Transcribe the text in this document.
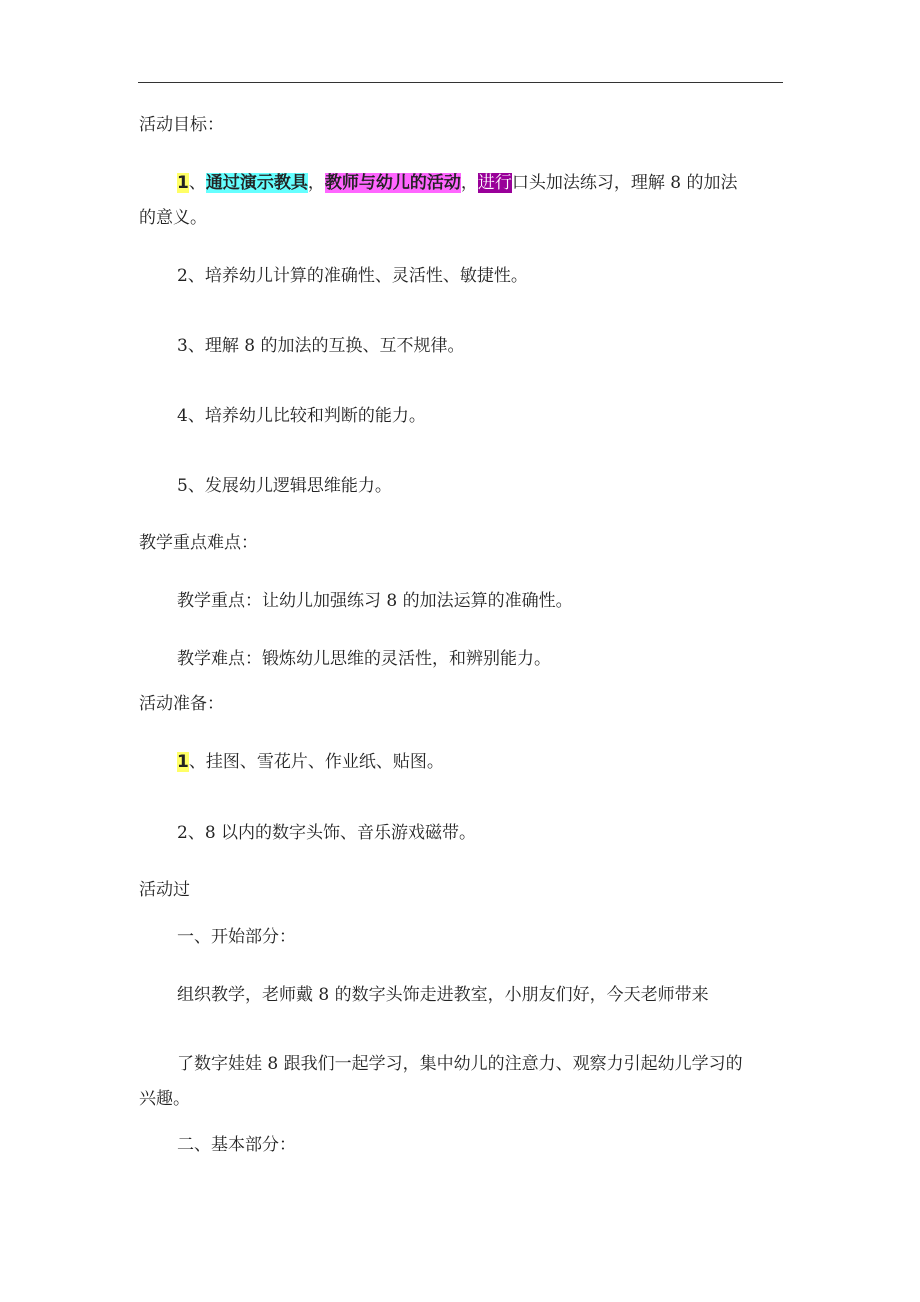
活动目标：
1、通过演示教具，教师与幼儿的活动，进行口头加法练习，理解 8 的加法
的意义。
2、培养幼儿计算的准确性、灵活性、敏捷性。
3、理解 8 的加法的互换、互不规律。
4、培养幼儿比较和判断的能力。
5、发展幼儿逻辑思维能力。
教学重点难点：
教学重点：让幼儿加强练习 8 的加法运算的准确性。
教学难点：锻炼幼儿思维的灵活性，和辨别能力。
活动准备：
1、挂图、雪花片、作业纸、贴图。
2、8 以内的数字头饰、音乐游戏磁带。
活动过
一、开始部分：
组织教学，老师戴 8 的数字头饰走进教室，小朋友们好，今天老师带来
了数字娃娃 8 跟我们一起学习，集中幼儿的注意力、观察力引起幼儿学习的
兴趣。
二、基本部分：
